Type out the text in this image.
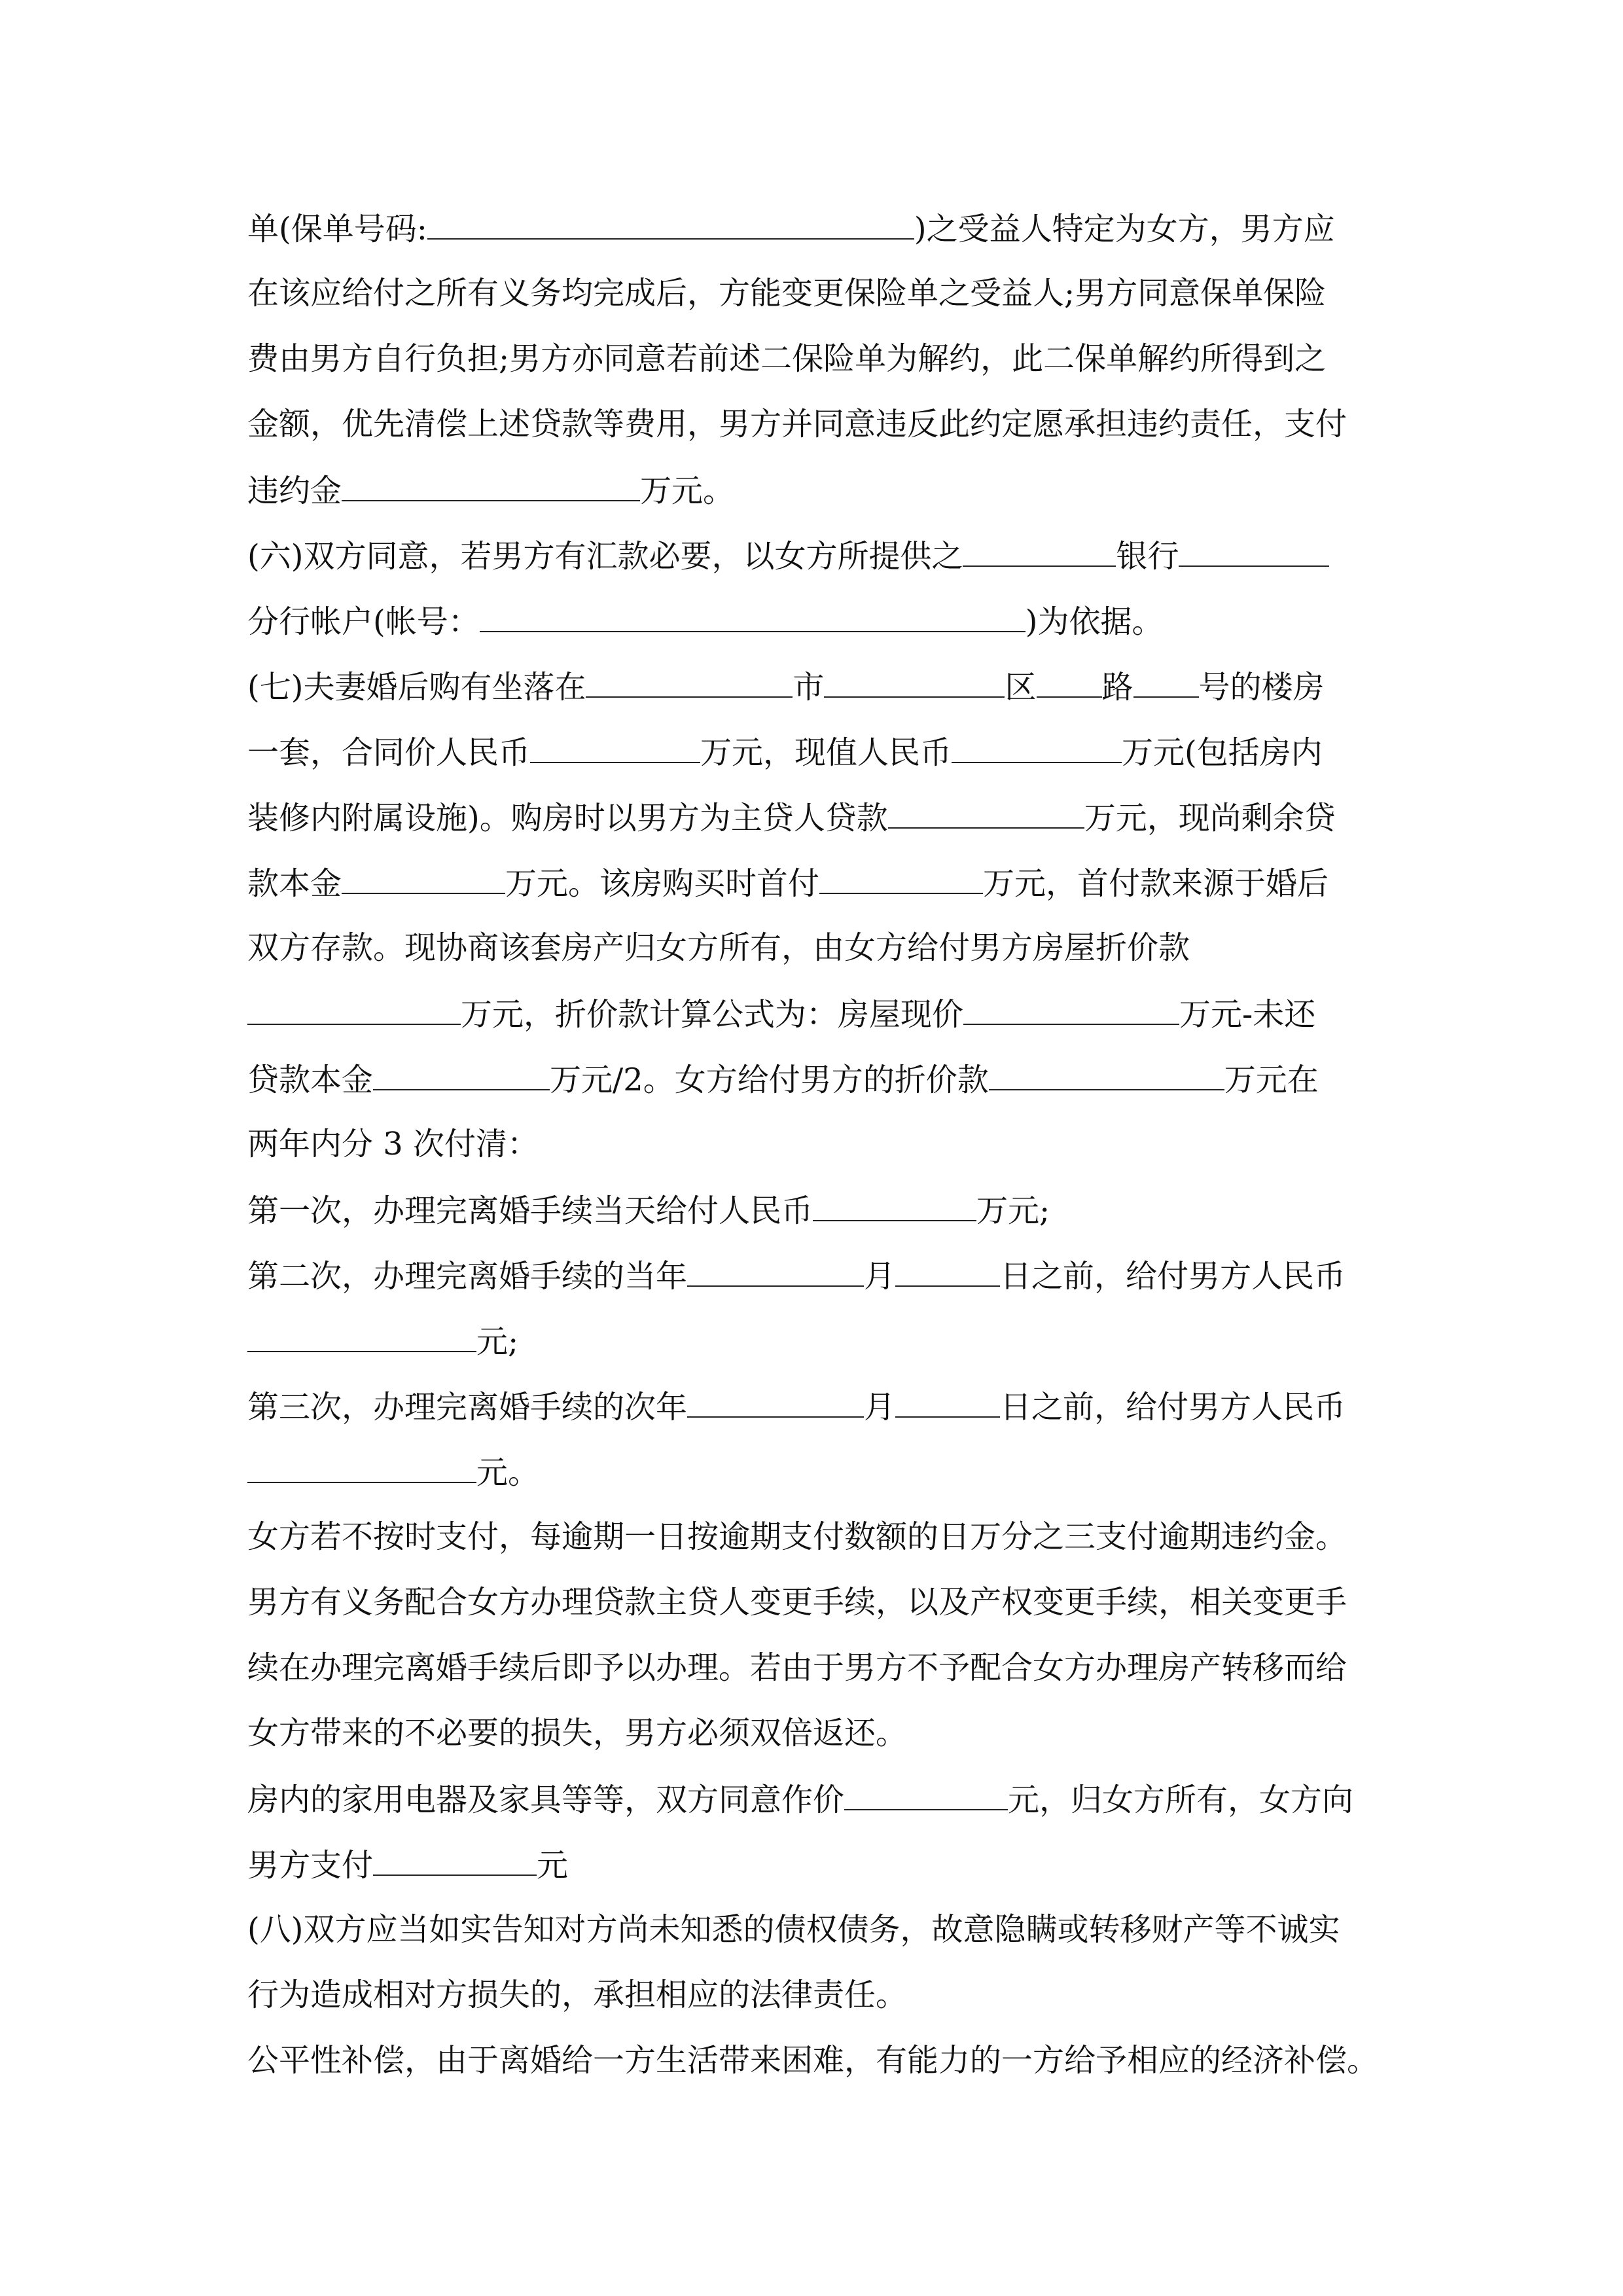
单(保单号码:	)之受益人特定为女方，男方应
在该应给付之所有义务均完成后，方能变更保险单之受益人;男方同意保单保险
费由男方自行负担;男方亦同意若前述二保险单为解约，此二保单解约所得到之
金额，优先清偿上述贷款等费用，男方并同意违反此约定愿承担违约责任，支付
违约金	万元。
(六)双方同意，若男方有汇款必要，以女方所提供之	银行
分行帐户(帐号：	)为依据。
(七)夫妻婚后购有坐落在	市	区 路 号的楼房
一套，合同价人民币	万元，现值人民币	万元(包括房内
装修内附属设施)。购房时以男方为主贷人贷款	万元，现尚剩余贷
款本金	万元。该房购买时首付	万元，首付款来源于婚后
双方存款。现协商该套房产归女方所有，由女方给付男方房屋折价款
万元，折价款计算公式为：房屋现价	万元-未还
贷款本金	万元/2。女方给付男方的折价款	万元在
两年内分 3 次付清：
第一次，办理完离婚手续当天给付人民币	万元;
第二次，办理完离婚手续的当年	月	日之前，给付男方人民币
元;
第三次，办理完离婚手续的次年	月	日之前，给付男方人民币
元。
女方若不按时支付，每逾期一日按逾期支付数额的日万分之三支付逾期违约金。
男方有义务配合女方办理贷款主贷人变更手续，以及产权变更手续，相关变更手
续在办理完离婚手续后即予以办理。若由于男方不予配合女方办理房产转移而给
女方带来的不必要的损失，男方必须双倍返还。
房内的家用电器及家具等等，双方同意作价	元，归女方所有，女方向
男方支付	元
(八)双方应当如实告知对方尚未知悉的债权债务，故意隐瞒或转移财产等不诚实
行为造成相对方损失的，承担相应的法律责任。
公平性补偿，由于离婚给一方生活带来困难，有能力的一方给予相应的经济补偿。
